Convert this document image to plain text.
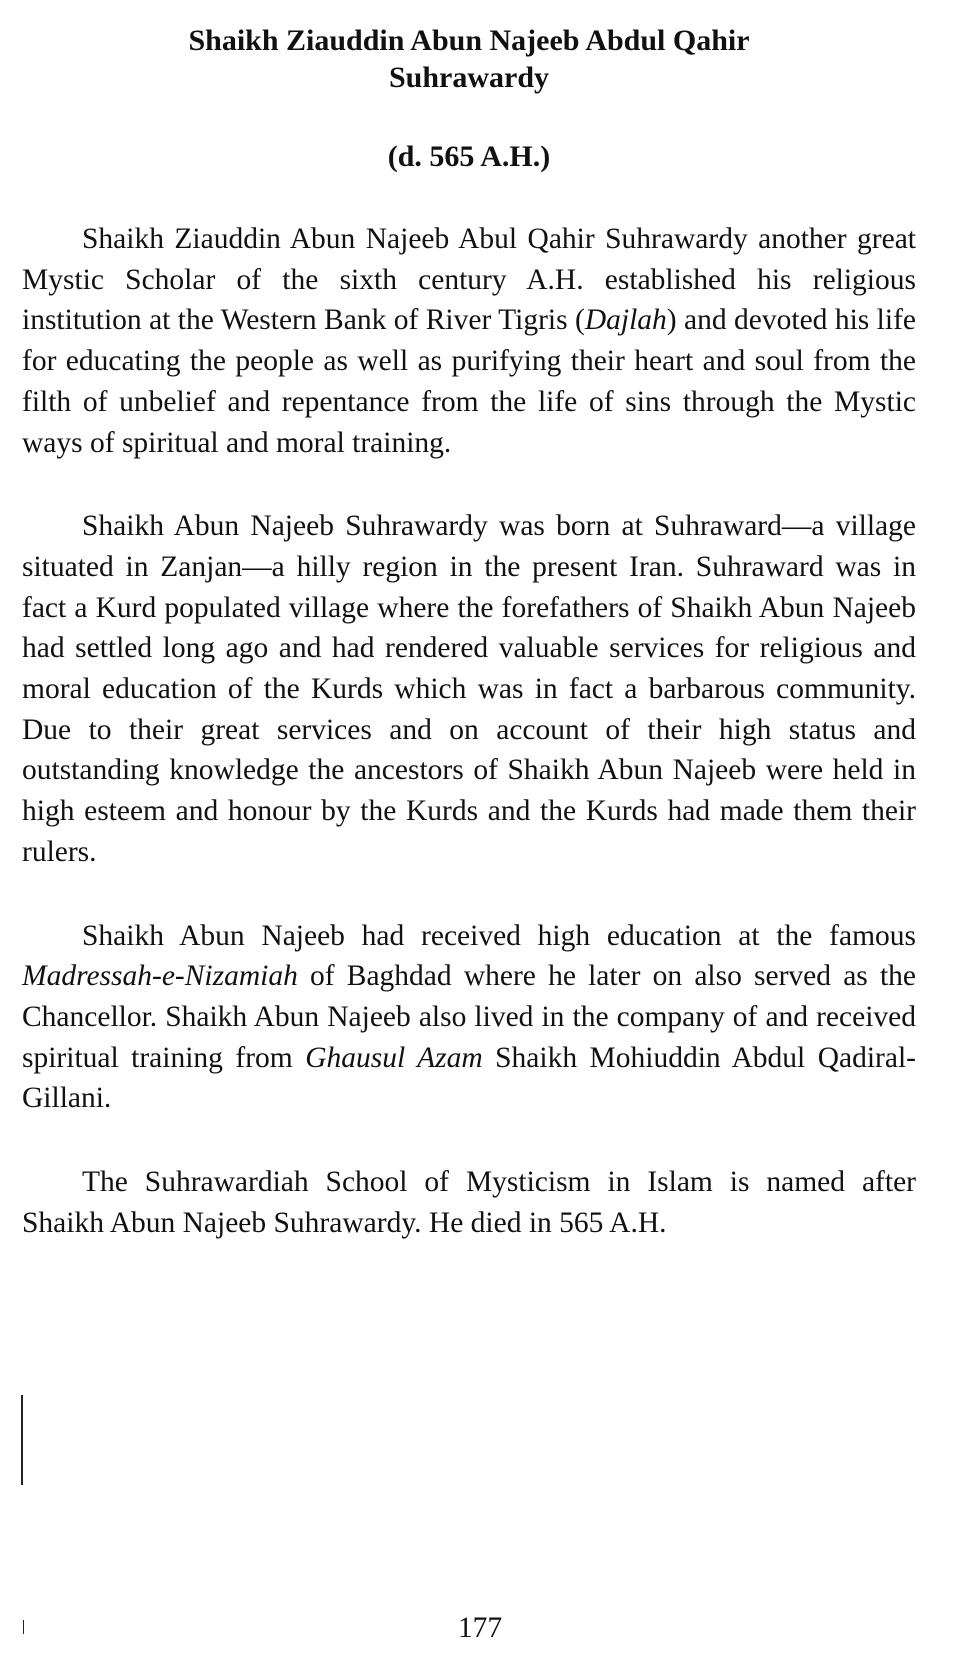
Shaikh Ziauddin Abun Najeeb Abdul Qahir
Suhrawardy
(d. 565 A.H.)

Shaikh Ziauddin Abun Najeeb Abul Qahir Suhrawardy another great Mystic Scholar of the sixth century A.H. established his religious institution at the Western Bank of River Tigris (Dajlah) and devoted his life for educating the people as well as purifying their heart and soul from the filth of unbelief and repentance from the life of sins through the Mystic ways of spiritual and moral training.

Shaikh Abun Najeeb Suhrawardy was born at Suhraward—a village situated in Zanjan—a hilly region in the present Iran. Suhraward was in fact a Kurd populated village where the forefathers of Shaikh Abun Najeeb had settled long ago and had rendered valuable services for religious and moral education of the Kurds which was in fact a barbarous community. Due to their great services and on account of their high status and outstanding knowledge the ancestors of Shaikh Abun Najeeb were held in high esteem and honour by the Kurds and the Kurds had made them their rulers.

Shaikh Abun Najeeb had received high education at the famous Madressah-e-Nizamiah of Baghdad where he later on also served as the Chancellor. Shaikh Abun Najeeb also lived in the company of and received spiritual training from Ghausul Azam Shaikh Mohiuddin Abdul Qadiral-Gillani.

The Suhrawardiah School of Mysticism in Islam is named after Shaikh Abun Najeeb Suhrawardy. He died in 565 A.H.

177
